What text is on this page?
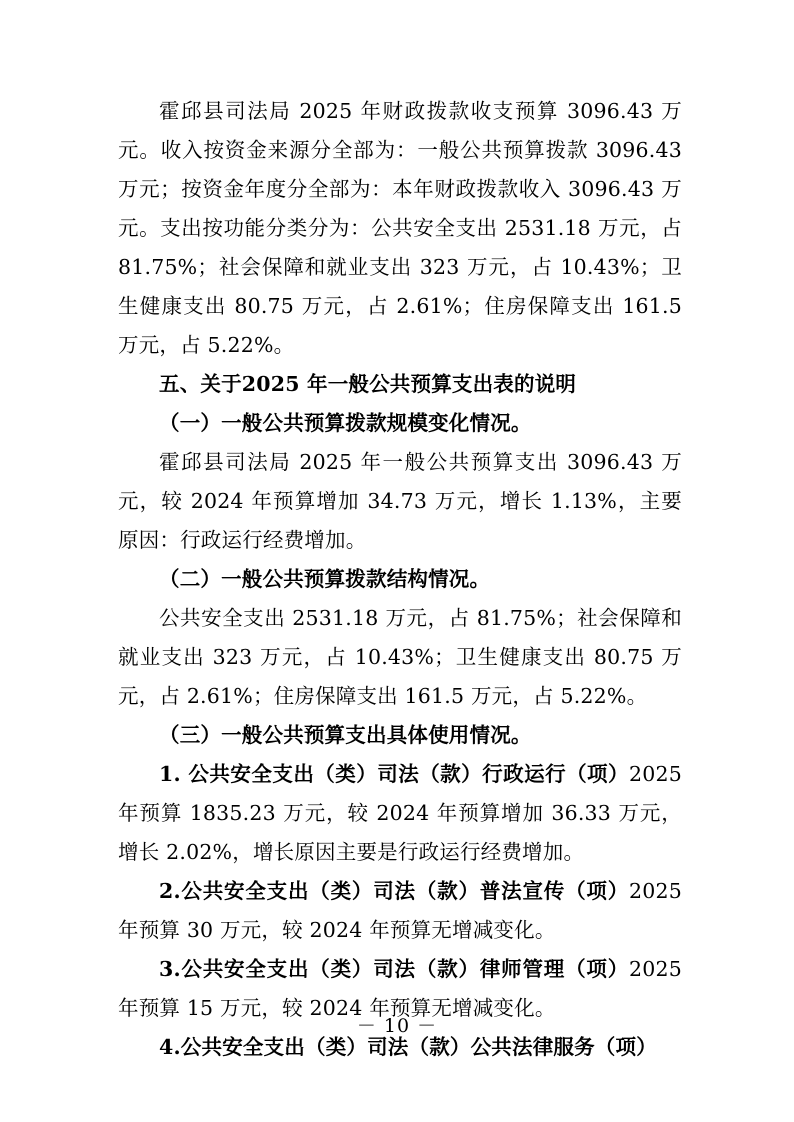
霍邱县司法局 2025 年财政拨款收支预算 3096.43 万元。收入按资金来源分全部为：一般公共预算拨款 3096.43 万元；按资金年度分全部为：本年财政拨款收入 3096.43 万元。支出按功能分类分为：公共安全支出 2531.18 万元，占 81.75%；社会保障和就业支出 323 万元，占 10.43%；卫生健康支出 80.75 万元，占 2.61%；住房保障支出 161.5 万元，占 5.22%。

五、关于2025 年一般公共预算支出表的说明

（一）一般公共预算拨款规模变化情况。

霍邱县司法局 2025 年一般公共预算支出 3096.43 万元，较 2024 年预算增加 34.73 万元，增长 1.13%，主要原因：行政运行经费增加。

（二）一般公共预算拨款结构情况。

公共安全支出 2531.18 万元，占 81.75%；社会保障和就业支出 323 万元，占 10.43%；卫生健康支出 80.75 万元，占 2.61%；住房保障支出 161.5 万元，占 5.22%。

（三）一般公共预算支出具体使用情况。

1. 公共安全支出（类）司法（款）行政运行（项）2025 年预算 1835.23 万元，较 2024 年预算增加 36.33 万元，增长 2.02%，增长原因主要是行政运行经费增加。

2.公共安全支出（类）司法（款）普法宣传（项）2025 年预算 30 万元，较 2024 年预算无增减变化。

3.公共安全支出（类）司法（款）律师管理（项）2025 年预算 15 万元，较 2024 年预算无增减变化。

4.公共安全支出（类）司法（款）公共法律服务（项）

－ 10 －
